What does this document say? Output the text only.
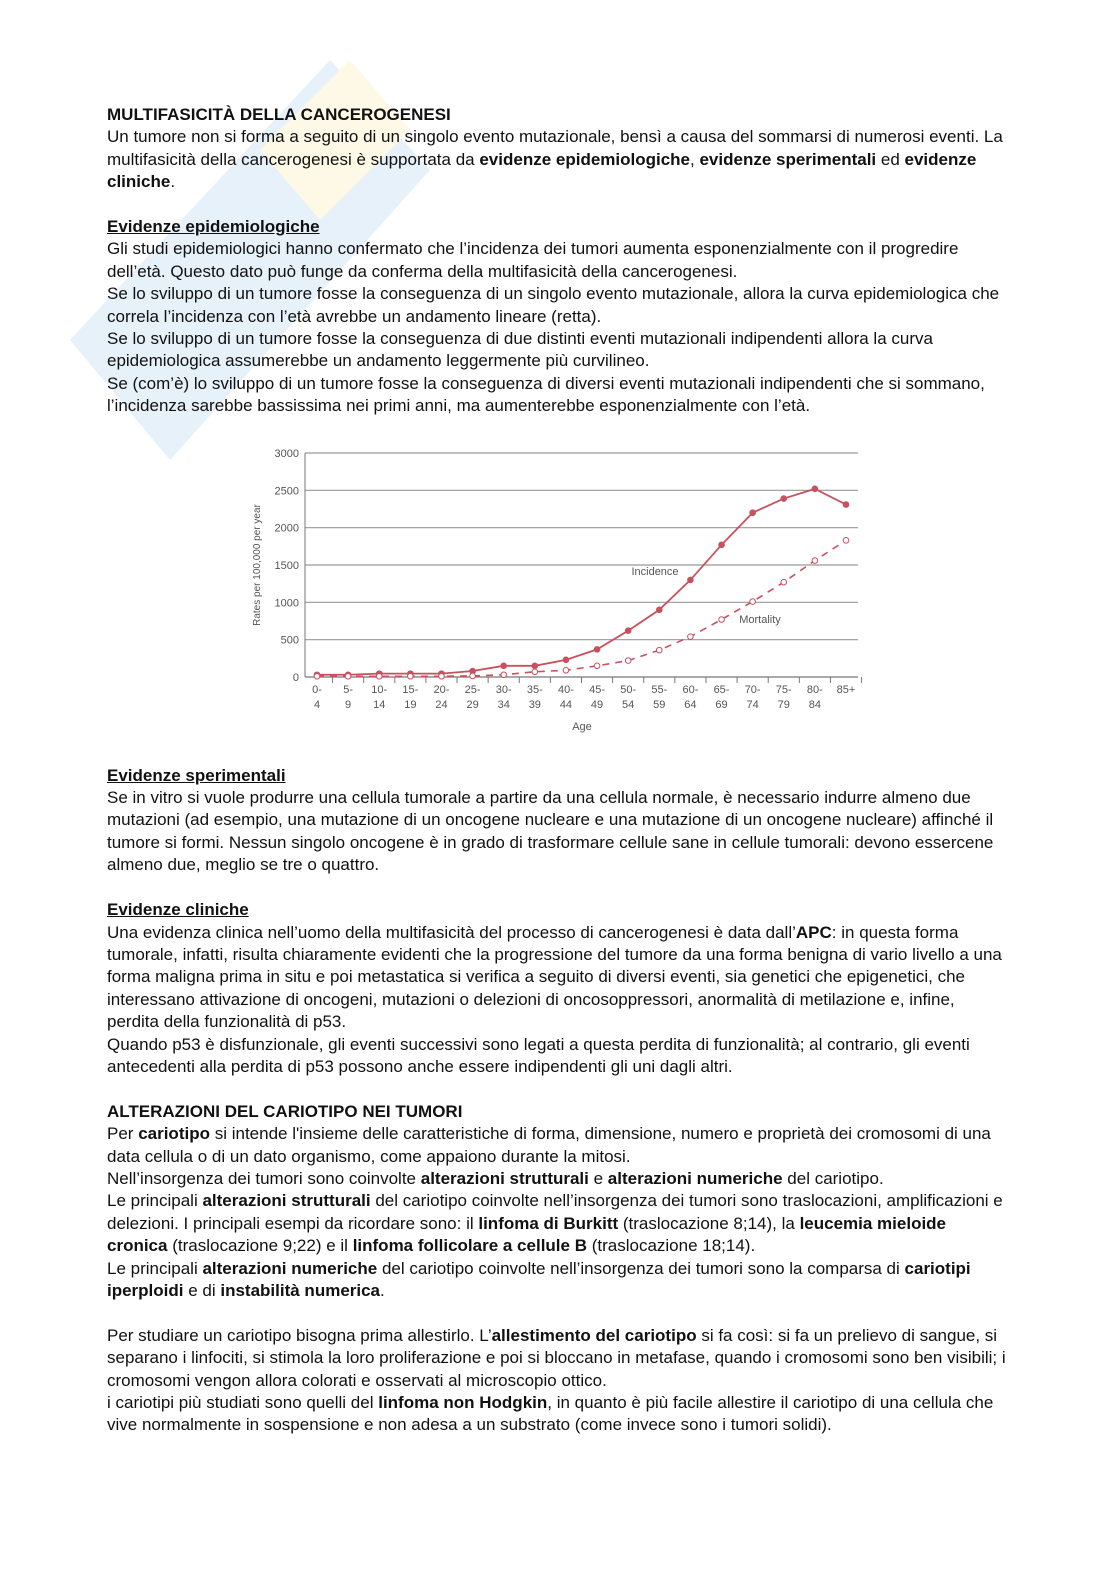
MULTIFASICITÀ DELLA CANCEROGENESI
Un tumore non si forma a seguito di un singolo evento mutazionale, bensì a causa del sommarsi di numerosi eventi. La multifasicità della cancerogenesi è supportata da evidenze epidemiologiche, evidenze sperimentali ed evidenze cliniche.
Evidenze epidemiologiche
Gli studi epidemiologici hanno confermato che l’incidenza dei tumori aumenta esponenzialmente con il progredire dell’età. Questo dato può funge da conferma della multifasicità della cancerogenesi.
Se lo sviluppo di un tumore fosse la conseguenza di un singolo evento mutazionale, allora la curva epidemiologica che correla l’incidenza con l’età avrebbe un andamento lineare (retta).
Se lo sviluppo di un tumore fosse la conseguenza di due distinti eventi mutazionali indipendenti allora la curva epidemiologica assumerebbe un andamento leggermente più curvilineo.
Se (com’è) lo sviluppo di un tumore fosse la conseguenza di diversi eventi mutazionali indipendenti che si sommano, l’incidenza sarebbe bassissima nei primi anni, ma aumenterebbe esponenzialmente con l’età.
0
500
1000
1500
2000
2500
3000
0-4
5-9
10-14
15-19
20-24
25-29
30-34
35-39
40-44
45-49
50-54
55-59
60-64
65-69
70-74
75-79
80-84
85+
Incidence
Mortality
Age
Rates per 100,000 per year
Evidenze sperimentali
Se in vitro si vuole produrre una cellula tumorale a partire da una cellula normale, è necessario indurre almeno due mutazioni (ad esempio, una mutazione di un oncogene nucleare e una mutazione di un oncogene nucleare) affinché il tumore si formi. Nessun singolo oncogene è in grado di trasformare cellule sane in cellule tumorali: devono essercene almeno due, meglio se tre o quattro.
Evidenze cliniche
Una evidenza clinica nell’uomo della multifasicità del processo di cancerogenesi è data dall’APC: in questa forma tumorale, infatti, risulta chiaramente evidenti che la progressione del tumore da una forma benigna di vario livello a una forma maligna prima in situ e poi metastatica si verifica a seguito di diversi eventi, sia genetici che epigenetici, che interessano attivazione di oncogeni, mutazioni o delezioni di oncosoppressori, anormalità di metilazione e, infine, perdita della funzionalità di p53.
Quando p53 è disfunzionale, gli eventi successivi sono legati a questa perdita di funzionalità; al contrario, gli eventi antecedenti alla perdita di p53 possono anche essere indipendenti gli uni dagli altri.
ALTERAZIONI DEL CARIOTIPO NEI TUMORI
Per cariotipo si intende l'insieme delle caratteristiche di forma, dimensione, numero e proprietà dei cromosomi di una data cellula o di un dato organismo, come appaiono durante la mitosi.
Nell’insorgenza dei tumori sono coinvolte alterazioni strutturali e alterazioni numeriche del cariotipo.
Le principali alterazioni strutturali del cariotipo coinvolte nell’insorgenza dei tumori sono traslocazioni, amplificazioni e delezioni. I principali esempi da ricordare sono: il linfoma di Burkitt (traslocazione 8;14), la leucemia mieloide cronica (traslocazione 9;22) e il linfoma follicolare a cellule B (traslocazione 18;14).
Le principali alterazioni numeriche del cariotipo coinvolte nell’insorgenza dei tumori sono la comparsa di cariotipi iperploidi e di instabilità numerica.
Per studiare un cariotipo bisogna prima allestirlo. L’allestimento del cariotipo si fa così: si fa un prelievo di sangue, si separano i linfociti, si stimola la loro proliferazione e poi si bloccano in metafase, quando i cromosomi sono ben visibili; i cromosomi vengon allora colorati e osservati al microscopio ottico.
i cariotipi più studiati sono quelli del linfoma non Hodgkin, in quanto è più facile allestire il cariotipo di una cellula che vive normalmente in sospensione e non adesa a un substrato (come invece sono i tumori solidi).
